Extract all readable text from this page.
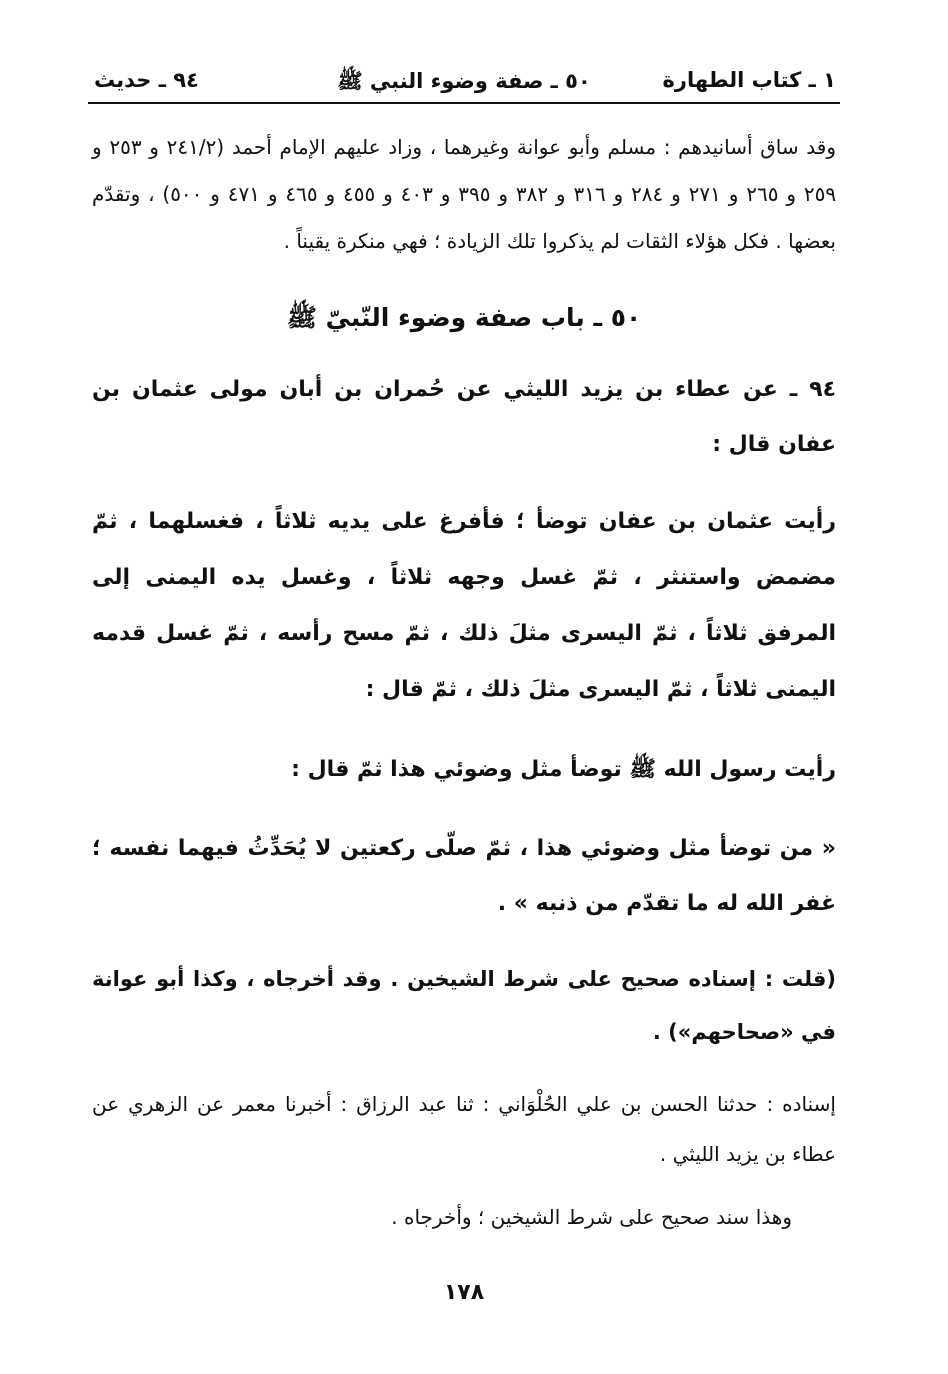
١ ـ كتاب الطهارة
٥٠ ـ صفة وضوء النبي ﷺ
٩٤ ـ حديث

وقد ساق أسانيدهم : مسلم وأبو عوانة وغيرهما ، وزاد عليهم الإمام أحمد (٢٤١/٢ و ٢٥٣ و ٢٥٩ و ٢٦٥ و ٢٧١ و ٢٨٤ و ٣١٦ و ٣٨٢ و ٣٩٥ و ٤٠٣ و ٤٥٥ و ٤٦٥ و ٤٧١ و ٥٠٠) ، وتقدّم بعضها . فكل هؤلاء الثقات لم يذكروا تلك الزيادة ؛ فهي منكرة يقيناً .

٥٠ ـ باب صفة وضوء النّبيّ ﷺ

٩٤ ـ عن عطاء بن يزيد الليثي عن حُمران بن أبان مولى عثمان بن عفان قال :

رأيت عثمان بن عفان توضأ ؛ فأفرغ على يديه ثلاثاً ، فغسلهما ، ثمّ مضمض واستنثر ، ثمّ غسل وجهه ثلاثاً ، وغسل يده اليمنى إلى المرفق ثلاثاً ، ثمّ اليسرى مثلَ ذلك ، ثمّ مسح رأسه ، ثمّ غسل قدمه اليمنى ثلاثاً ، ثمّ اليسرى مثلَ ذلك ، ثمّ قال :

رأيت رسول الله ﷺ توضأ مثل وضوئي هذا ثمّ قال :

« من توضأ مثل وضوئي هذا ، ثمّ صلّى ركعتين لا يُحَدِّثُ فيهما نفسه ؛ غفر الله له ما تقدّم من ذنبه » .

(قلت : إسناده صحيح على شرط الشيخين . وقد أخرجاه ، وكذا أبو عوانة في «صحاحهم») .

إسناده : حدثنا الحسن بن علي الحُلْوَاني : ثنا عبد الرزاق : أخبرنا معمر عن الزهري عن عطاء بن يزيد الليثي .

وهذا سند صحيح على شرط الشيخين ؛ وأخرجاه .

١٧٨
